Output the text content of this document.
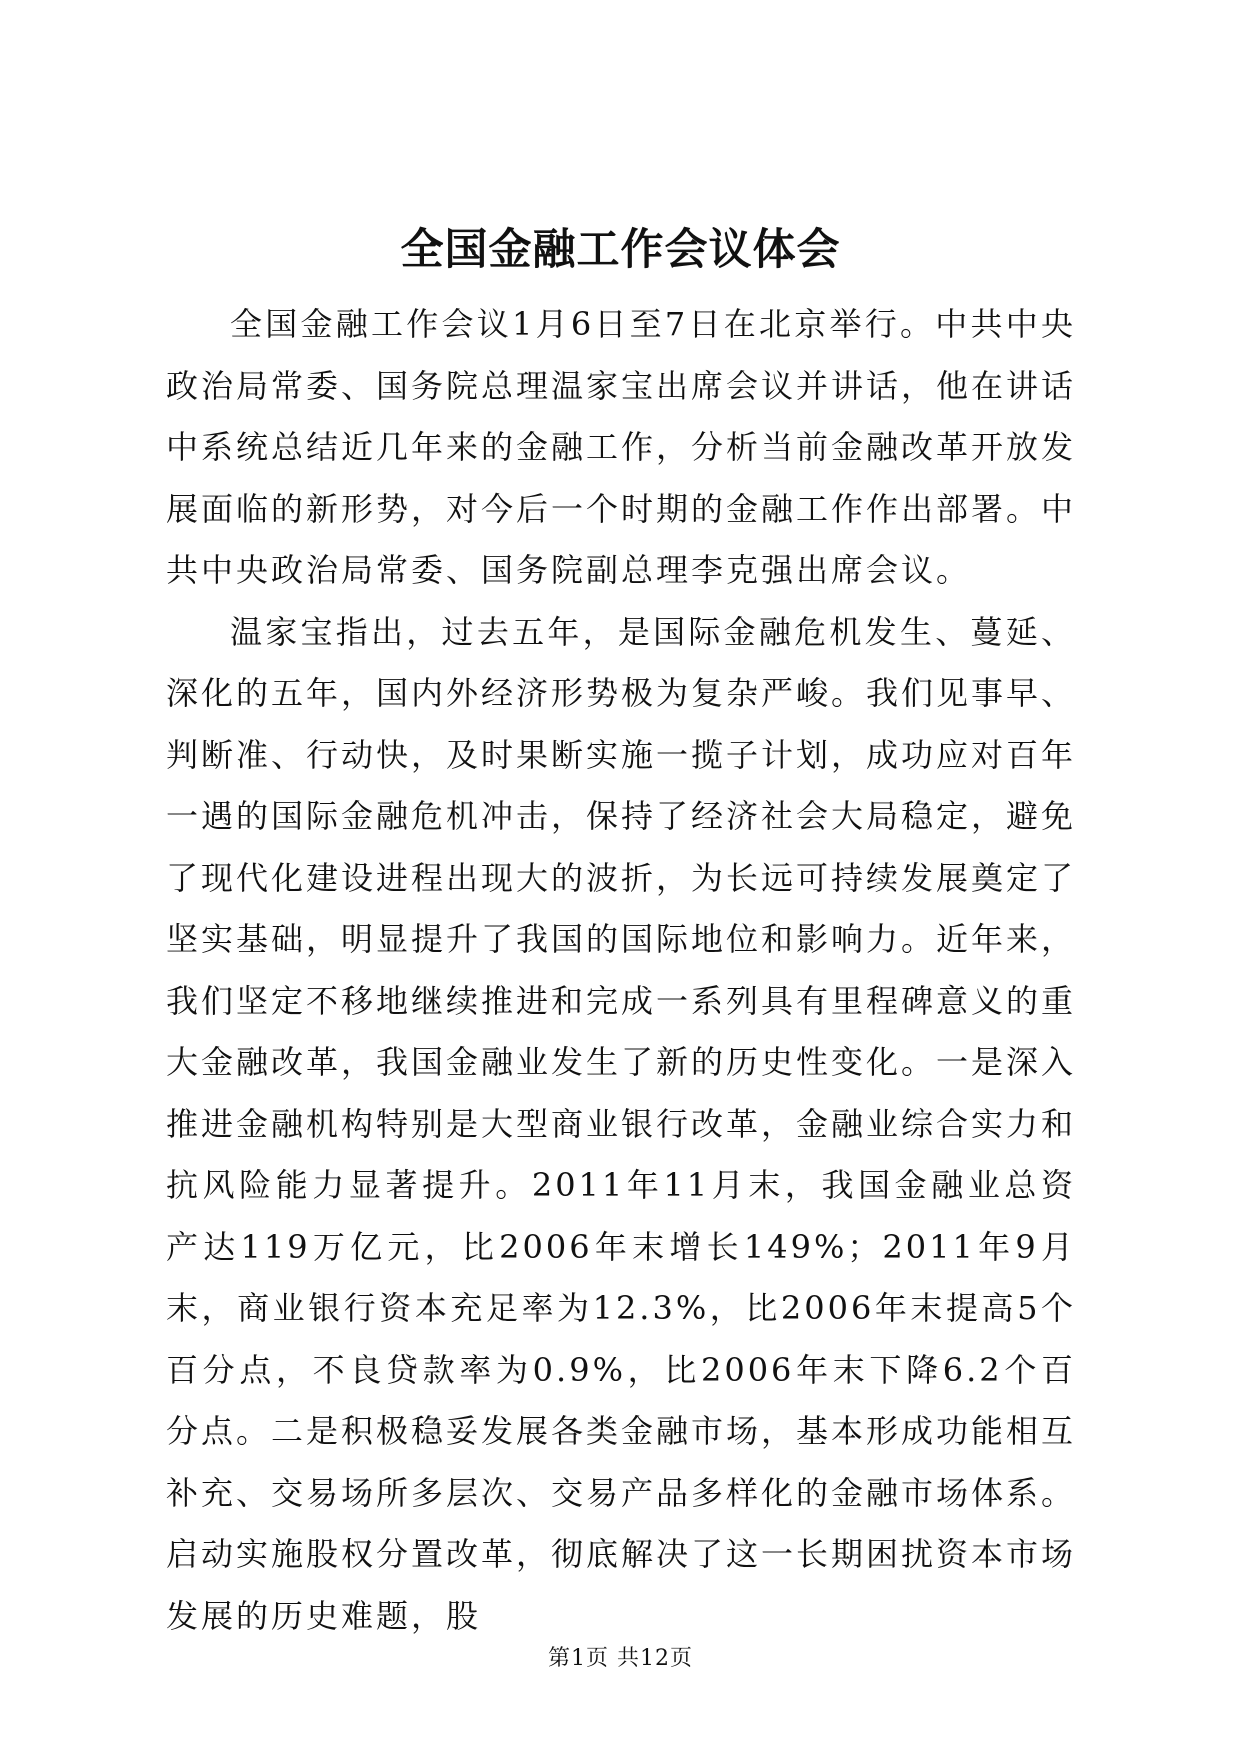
全国金融工作会议体会

全国金融工作会议1月6日至7日在北京举行。中共中央政治局常委、国务院总理温家宝出席会议并讲话，他在讲话中系统总结近几年来的金融工作，分析当前金融改革开放发展面临的新形势，对今后一个时期的金融工作作出部署。中共中央政治局常委、国务院副总理李克强出席会议。

温家宝指出，过去五年，是国际金融危机发生、蔓延、深化的五年，国内外经济形势极为复杂严峻。我们见事早、判断准、行动快，及时果断实施一揽子计划，成功应对百年一遇的国际金融危机冲击，保持了经济社会大局稳定，避免了现代化建设进程出现大的波折，为长远可持续发展奠定了坚实基础，明显提升了我国的国际地位和影响力。近年来，我们坚定不移地继续推进和完成一系列具有里程碑意义的重大金融改革，我国金融业发生了新的历史性变化。一是深入推进金融机构特别是大型商业银行改革，金融业综合实力和抗风险能力显著提升。2011年11月末，我国金融业总资产达119万亿元，比2006年末增长149%；2011年9月末，商业银行资本充足率为12.3%，比2006年末提高5个百分点，不良贷款率为0.9%，比2006年末下降6.2个百分点。二是积极稳妥发展各类金融市场，基本形成功能相互补充、交易场所多层次、交易产品多样化的金融市场体系。启动实施股权分置改革，彻底解决了这一长期困扰资本市场发展的历史难题，股

第1页 共12页
